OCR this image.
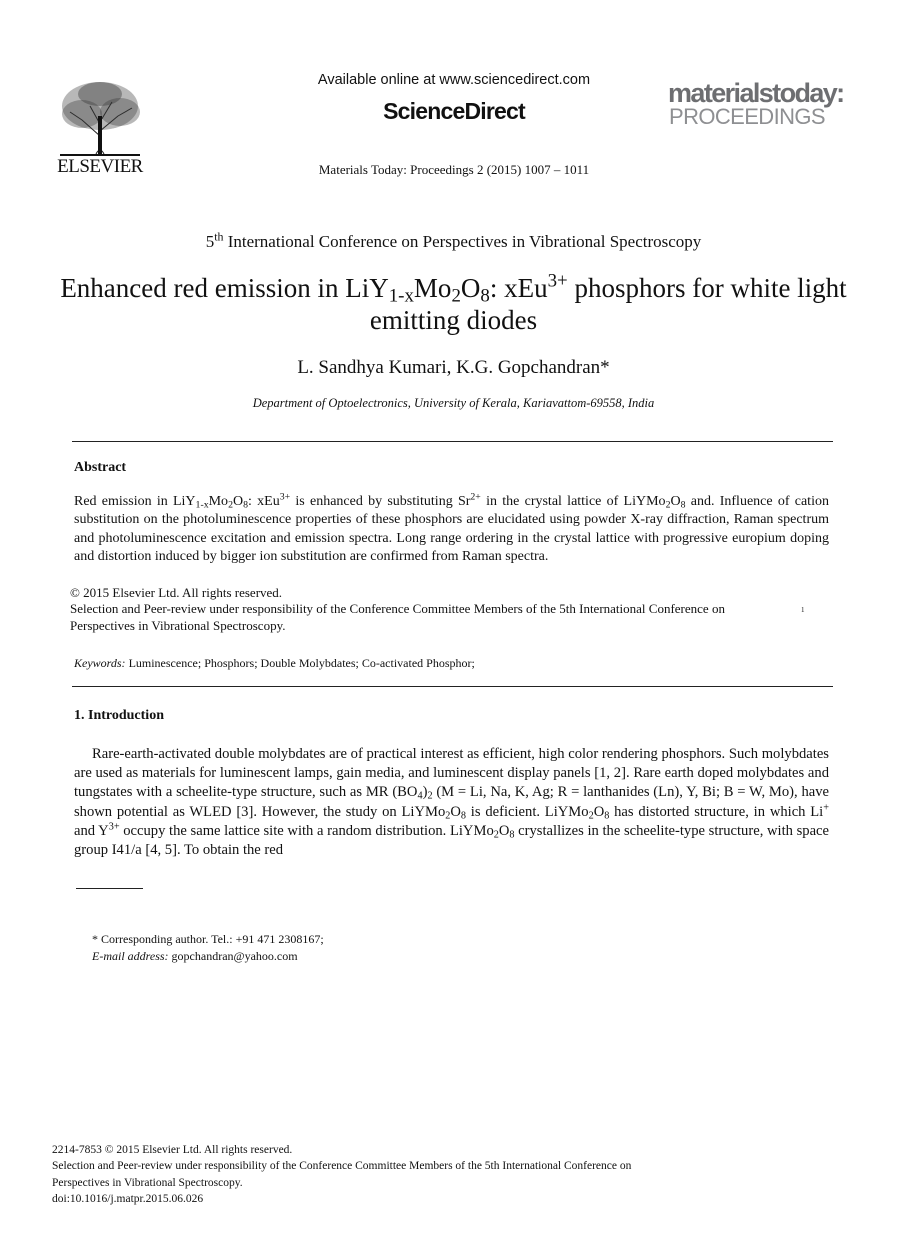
ELSEVIER
Available online at www.sciencedirect.com
ScienceDirect
Materials Today: Proceedings 2 (2015) 1007 – 1011
materialstoday:
PROCEEDINGS
5th International Conference on Perspectives in Vibrational Spectroscopy
Enhanced red emission in $LiY_{1-x}Mo_2O_8$: xEu$^{3+}$ phosphors for white light emitting diodes
L. Sandhya Kumari, K.G. Gopchandran*
Department of Optoelectronics, University of Kerala, Kariavattom-69558, India
Abstract
Red emission in $LiY_{1-x}Mo_2O_8$: xEu$^{3+}$ is enhanced by substituting $Sr^{2+}$ in the crystal lattice of $LiYMo_2O_8$ and. Influence of cation substitution on the photoluminescence properties of these phosphors are elucidated using powder X-ray diffraction, Raman spectrum and photoluminescence excitation and emission spectra. Long range ordering in the crystal lattice with progressive europium doping and distortion induced by bigger ion substitution are confirmed from Raman spectra.
© 2015 Elsevier Ltd. All rights reserved.
Selection and Peer-review under responsibility of the Conference Committee Members of the 5th International Conference on Perspectives in Vibrational Spectroscopy.
1
Keywords: Luminescence; Phosphors; Double Molybdates; Co-activated Phosphor;
1. Introduction

Rare-earth-activated double molybdates are of practical interest as efficient, high color rendering phosphors. Such molybdates are used as materials for luminescent lamps, gain media, and luminescent display panels [1, 2]. Rare earth doped molybdates and tungstates with a scheelite-type structure, such as MR $(BO_4)_2$ (M = Li, Na, K, Ag; R = lanthanides (Ln), Y, Bi; B = W, Mo), have shown potential as WLED [3]. However, the study on $LiYMo_2O_8$ is deficient. $LiYMo_2O_8$ has distorted structure, in which Li+ and $Y^{3+}$ occupy the same lattice site with a random distribution. $LiYMo_2O_8$ crystallizes in the scheelite-type structure, with space group I41/a [4, 5]. To obtain the red

* Corresponding author. Tel.: +91 471 2308167;
E-mail address: gopchandran@yahoo.com
2214-7853 © 2015 Elsevier Ltd. All rights reserved.
Selection and Peer-review under responsibility of the Conference Committee Members of the 5th International Conference on
Perspectives in Vibrational Spectroscopy.
doi:10.1016/j.matpr.2015.06.026
